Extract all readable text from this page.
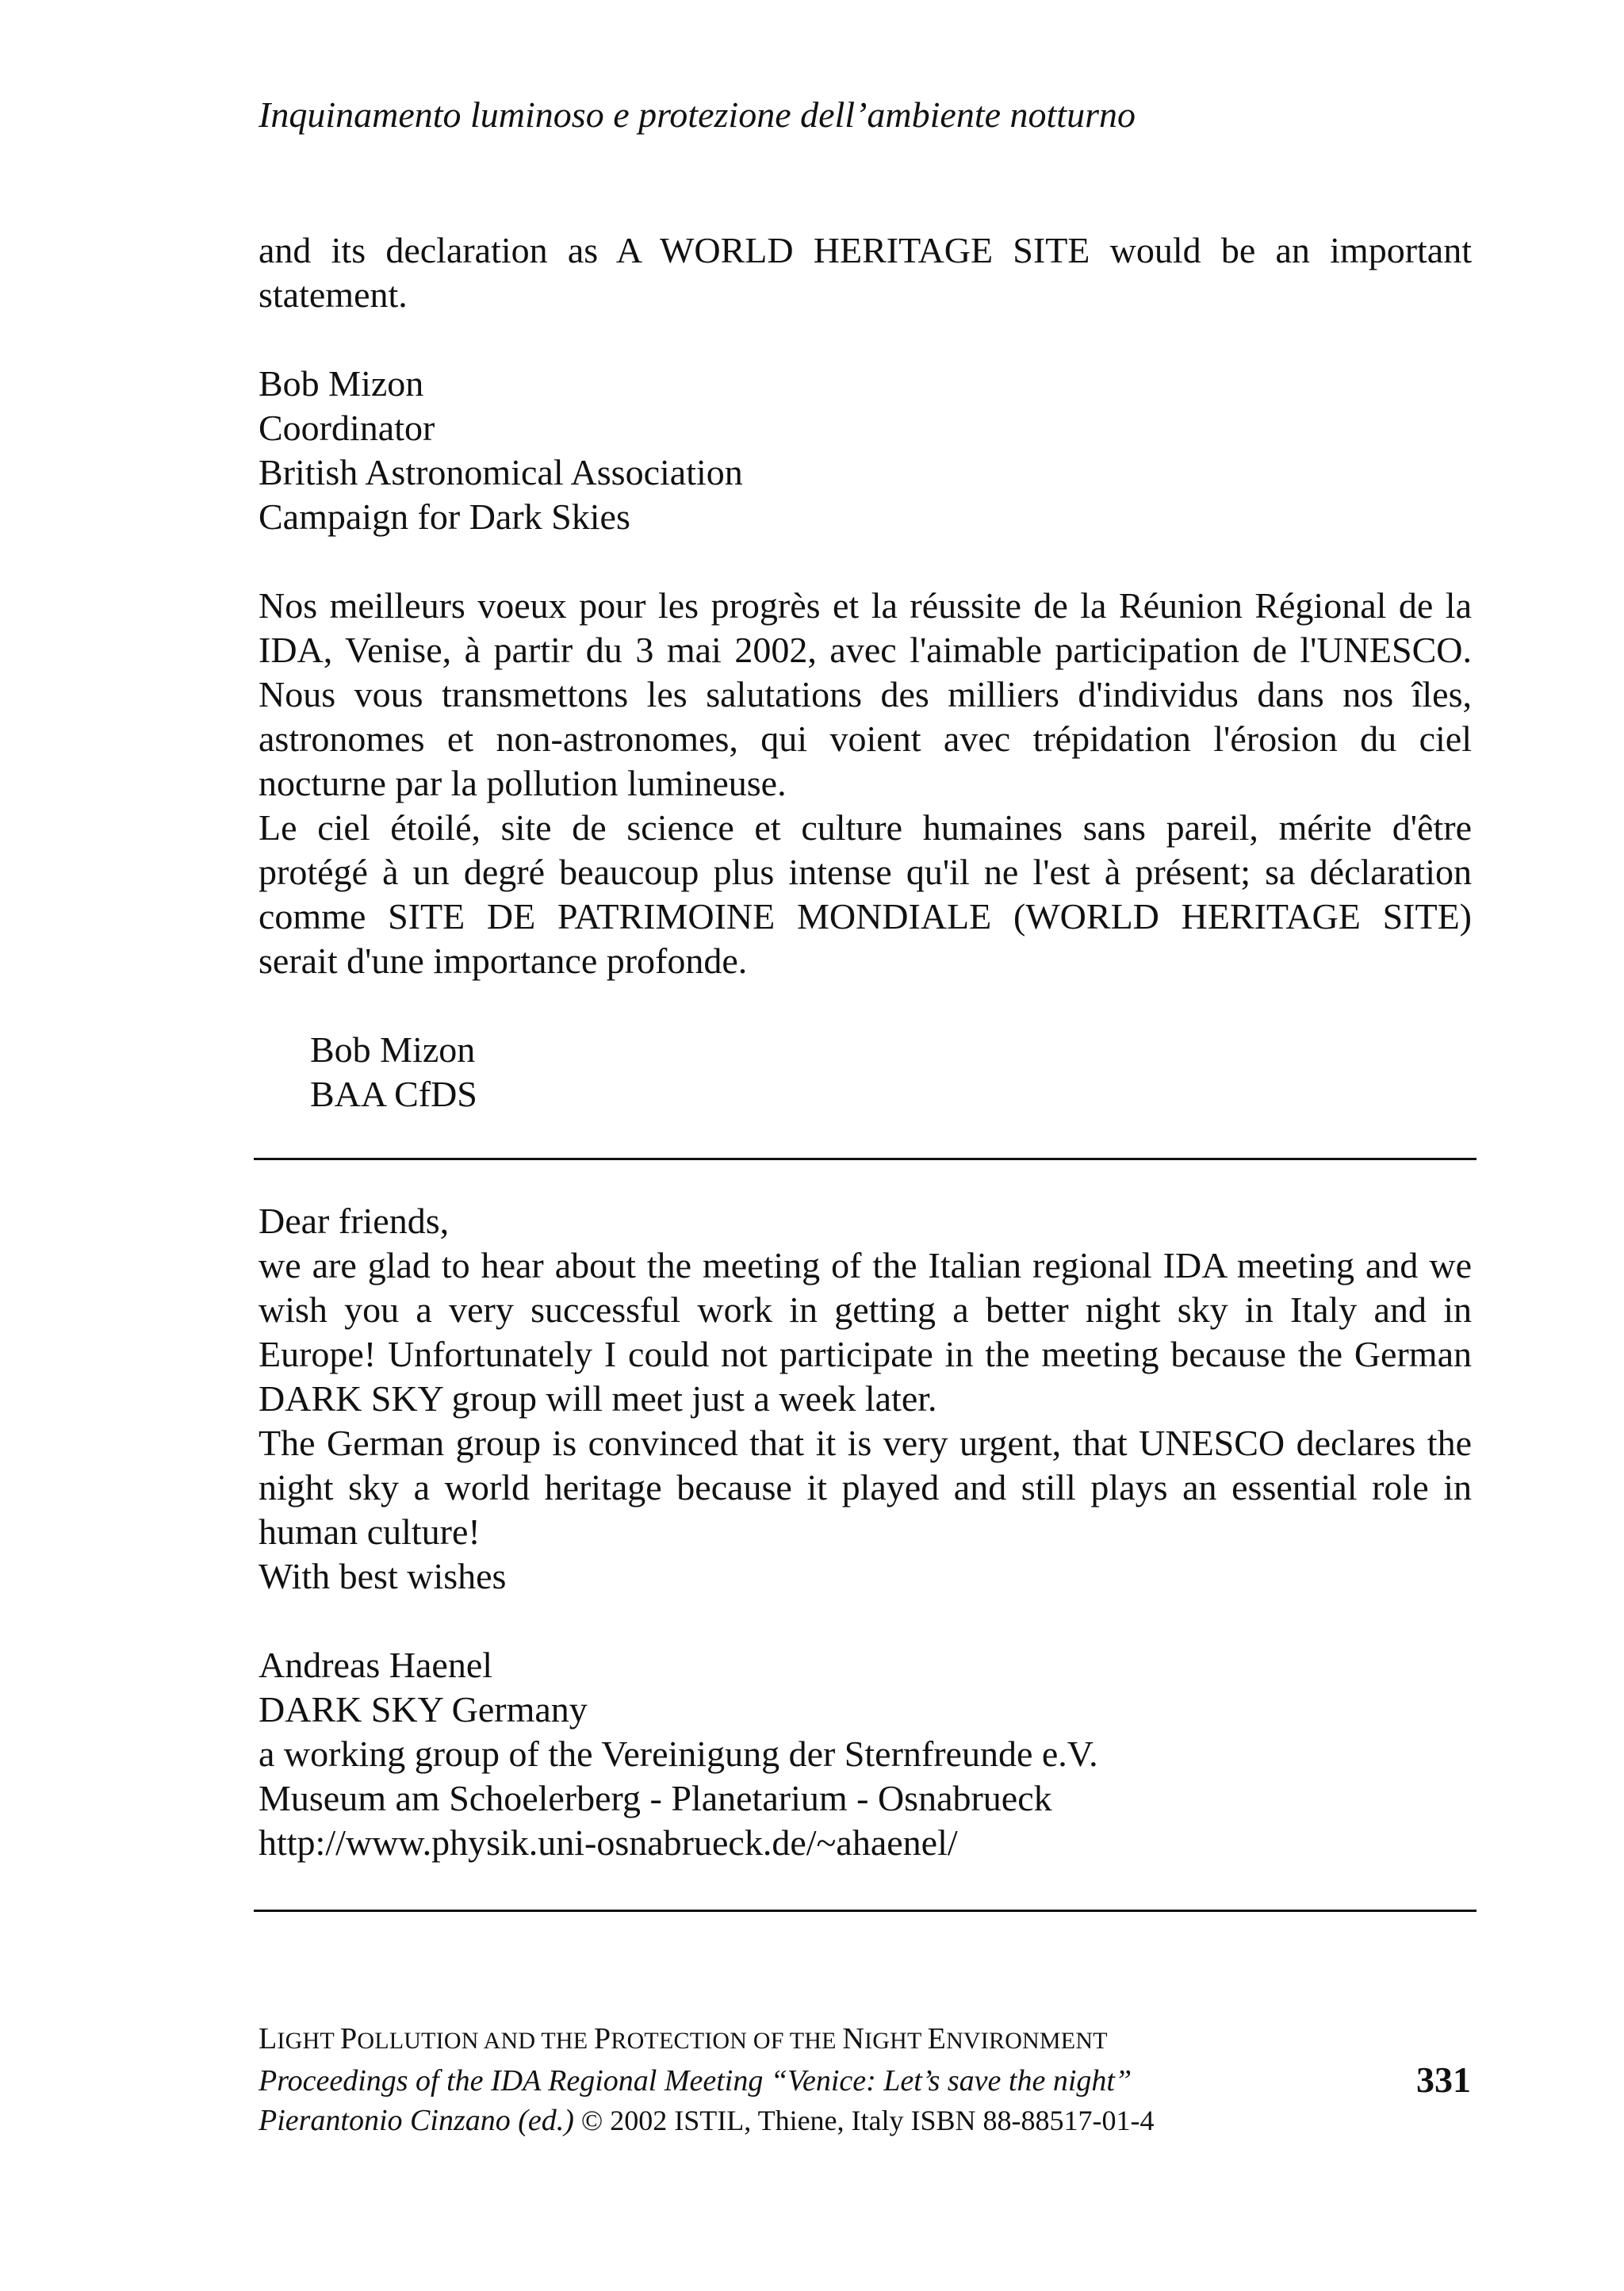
Inquinamento luminoso e protezione dell’ambiente notturno

and its declaration as A WORLD HERITAGE SITE would be an important
statement.

Bob Mizon
Coordinator
British Astronomical Association
Campaign for Dark Skies
Nos meilleurs voeux pour les progrès et la réussite de la Réunion Régional de la
IDA, Venise, à partir du 3 mai 2002, avec l'aimable participation de l'UNESCO.
Nous vous transmettons les salutations des milliers d'individus dans nos îles,
astronomes et non-astronomes, qui voient avec trépidation l'érosion du ciel
nocturne par la pollution lumineuse.
Le ciel étoilé, site de science et culture humaines sans pareil, mérite d'être
protégé à un degré beaucoup plus intense qu'il ne l'est à présent; sa déclaration
comme SITE DE PATRIMOINE MONDIALE (WORLD HERITAGE SITE)
serait d'une importance profonde.
Bob Mizon
BAA CfDS
Dear friends,
we are glad to hear about the meeting of the Italian regional IDA meeting and we
wish you a very successful work in getting a better night sky in Italy and in
Europe! Unfortunately I could not participate in the meeting because the German
DARK SKY group will meet just a week later.
The German group is convinced that it is very urgent, that UNESCO declares the
night sky a world heritage because it played and still plays an essential role in
human culture!
With best wishes
Andreas Haenel
DARK SKY Germany
a working group of the Vereinigung der Sternfreunde e.V.
Museum am Schoelerberg - Planetarium - Osnabrueck
http://www.physik.uni-osnabrueck.de/~ahaenel/
LIGHT POLLUTION AND THE PROTECTION OF THE NIGHT ENVIRONMENT
Proceedings of the IDA Regional Meeting “Venice: Let’s save the night”
Pierantonio Cinzano (ed.) © 2002 ISTIL, Thiene, Italy ISBN 88-88517-01-4
331
